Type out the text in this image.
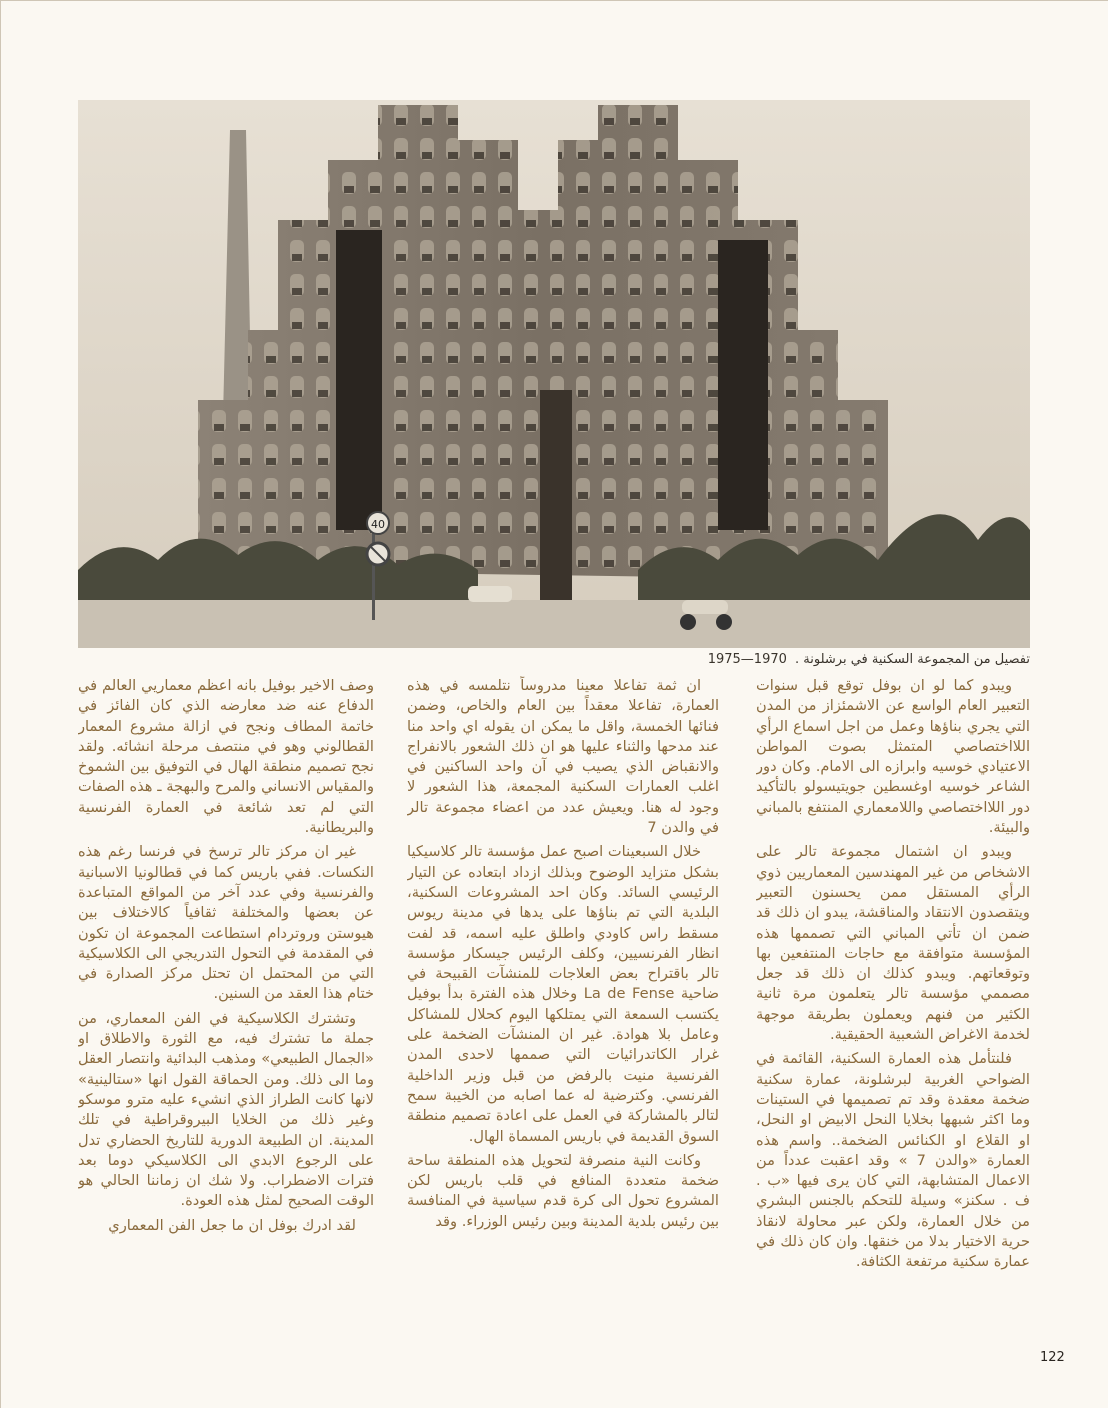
40
تفصيل من المجموعة السكنية في برشلونة . 1975—1970

ويبدو كما لو ان بوفل توقع قبل سنوات التعبير العام الواسع عن الاشمئزاز من المدن التي يجري بناؤها وعمل من اجل اسماع الرأي اللااختصاصي المتمثل بصوت المواطن الاعتيادي خوسيه وابرازه الى الامام. وكان دور الشاعر خوسيه اوغسطين جويتيسولو بالتأكيد دور اللااختصاصي واللامعماري المنتفع بالمباني والبيئة.

ويبدو ان اشتمال مجموعة تالر على الاشخاص من غير المهندسين المعماريين ذوي الرأي المستقل ممن يحسنون التعبير ويتقصدون الانتقاد والمناقشة، يبدو ان ذلك قد ضمن ان تأتي المباني التي تصممها هذه المؤسسة متوافقة مع حاجات المنتفعين بها وتوقعاتهم. ويبدو كذلك ان ذلك قد جعل مصممي مؤسسة تالر يتعلمون مرة ثانية الكثير من فنهم ويعملون بطريقة موجهة لخدمة الاغراض الشعبية الحقيقية.

فلنتأمل هذه العمارة السكنية، القائمة في الضواحي الغربية لبرشلونة، عمارة سكنية ضخمة معقدة وقد تم تصميمها في الستينات وما اكثر شبهها بخلايا النحل الابيض او النحل، او القلاع او الكنائس الضخمة.. واسم هذه العمارة «والدن 7 » وقد اعقبت عدداً من الاعمال المتشابهة، التي كان يرى فيها «ب . ف . سكنز» وسيلة للتحكم بالجنس البشري من خلال العمارة، ولكن عبر محاولة لانقاذ حرية الاختيار بدلا من خنقها. وان كان ذلك في عمارة سكنية مرتفعة الكثافة.

ان ثمة تفاعلا معينا مدروساً نتلمسه في هذه العمارة، تفاعلا معقداً بين العام والخاص، وضمن فنائها الخمسة، واقل ما يمكن ان يقوله اي واحد منا عند مدحها والثناء عليها هو ان ذلك الشعور بالانفراج والانقباض الذي يصيب في آن واحد الساكنين في اغلب العمارات السكنية المجمعة، هذا الشعور لا وجود له هنا. ويعيش عدد من اعضاء مجموعة تالر في والدن 7

خلال السبعينات اصبح عمل مؤسسة تالر كلاسيكيا بشكل متزايد الوضوح وبذلك ازداد ابتعاده عن التيار الرئيسي السائد. وكان احد المشروعات السكنية، البلدية التي تم بناؤها على يدها في مدينة ريوس مسقط راس كاودي واطلق عليه اسمه، قد لفت انظار الفرنسيين، وكلف الرئيس جيسكار مؤسسة تالر باقتراح بعض العلاجات للمنشآت القبيحة في ضاحية La de Fense وخلال هذه الفترة بدأ بوفيل يكتسب السمعة التي يمتلكها اليوم كحلال للمشاكل وعامل بلا هوادة. غير ان المنشآت الضخمة على غرار الكاتدرائيات التي صممها لاحدى المدن الفرنسية منيت بالرفض من قبل وزير الداخلية الفرنسي. وكترضية له عما اصابه من الخيبة سمح لتالر بالمشاركة في العمل على اعادة تصميم منطقة السوق القديمة في باريس المسماة الهال.

وكانت النية منصرفة لتحويل هذه المنطقة ساحة ضخمة متعددة المنافع في قلب باريس لكن المشروع تحول الى كرة قدم سياسية في المنافسة بين رئيس بلدية المدينة وبين رئيس الوزراء. وقد

وصف الاخير بوفيل بانه اعظم معماريي العالم في الدفاع عنه ضد معارضه الذي كان الفائز في خاتمة المطاف ونجح في ازالة مشروع المعمار القطالوني وهو في منتصف مرحلة انشائه. ولقد نجح تصميم منطقة الهال في التوفيق بين الشموخ والمقياس الانساني والمرح والبهجة ـ هذه الصفات التي لم تعد شائعة في العمارة الفرنسية والبريطانية.

غير ان مركز تالر ترسخ في فرنسا رغم هذه النكسات. ففي باريس كما في قطالونيا الاسبانية والفرنسية وفي عدد آخر من المواقع المتباعدة عن بعضها والمختلفة ثقافياً كالاختلاف بين هيوستن وروتردام استطاعت المجموعة ان تكون في المقدمة في التحول التدريجي الى الكلاسيكية التي من المحتمل ان تحتل مركز الصدارة في ختام هذا العقد من السنين.

وتشترك الكلاسيكية في الفن المعماري، من جملة ما تشترك فيه، مع الثورة والاطلاق او «الجمال الطبيعي» ومذهب البدائية وانتصار العقل وما الى ذلك. ومن الحماقة القول انها «ستالينية» لانها كانت الطراز الذي انشيء عليه مترو موسكو وغير ذلك من الخلايا البيروقراطية في تلك المدينة. ان الطبيعة الدورية للتاريخ الحضاري تدل على الرجوع الابدي الى الكلاسيكي دوما بعد فترات الاضطراب. ولا شك ان زماننا الحالي هو الوقت الصحيح لمثل هذه العودة.

لقد ادرك بوفل ان ما جعل الفن المعماري

122
